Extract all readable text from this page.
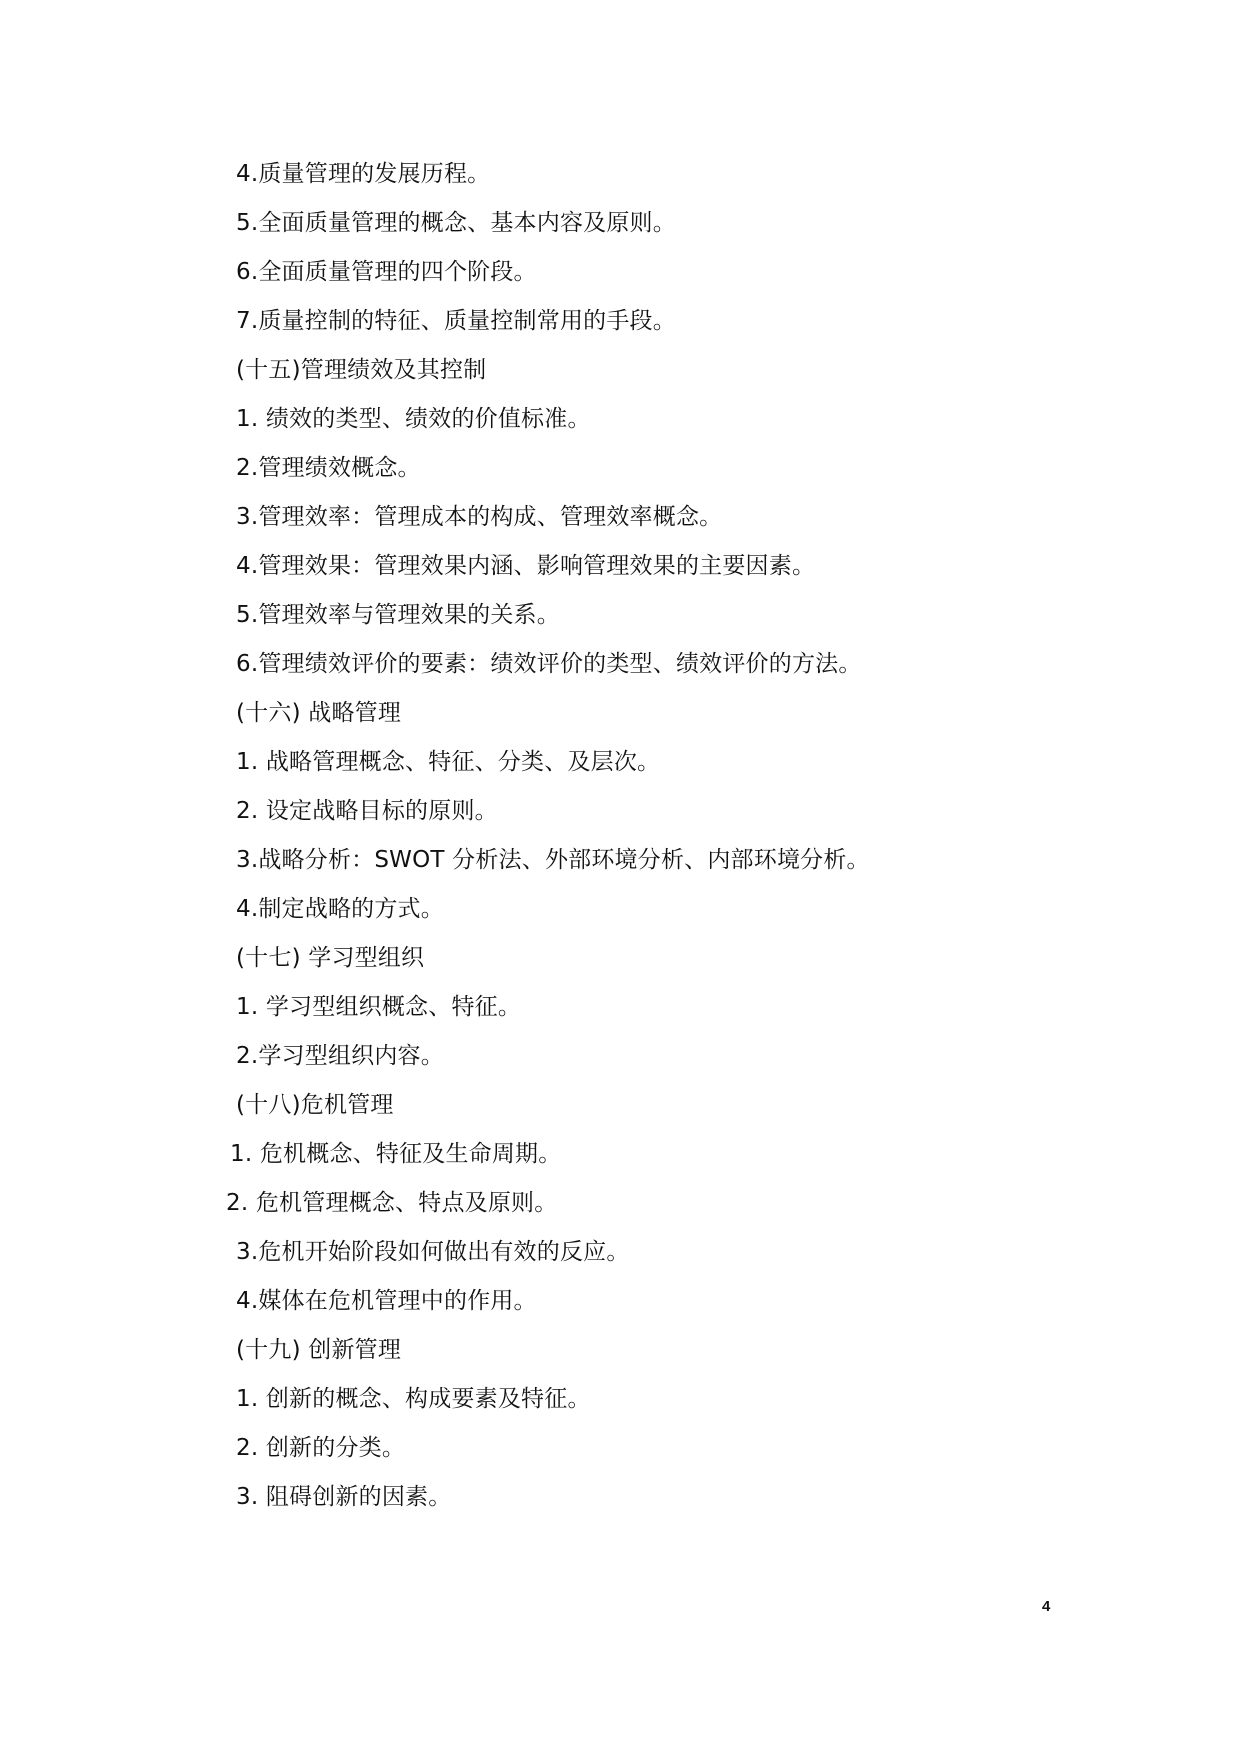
4.质量管理的发展历程。
5.全面质量管理的概念、基本内容及原则。
6.全面质量管理的四个阶段。
7.质量控制的特征、质量控制常用的手段。
(十五)管理绩效及其控制
1. 绩效的类型、绩效的价值标准。
2.管理绩效概念。
3.管理效率：管理成本的构成、管理效率概念。
4.管理效果：管理效果内涵、影响管理效果的主要因素。
5.管理效率与管理效果的关系。
6.管理绩效评价的要素：绩效评价的类型、绩效评价的方法。
(十六) 战略管理
1. 战略管理概念、特征、分类、及层次。
2. 设定战略目标的原则。
3.战略分析：SWOT 分析法、外部环境分析、内部环境分析。
4.制定战略的方式。
(十七) 学习型组织
1. 学习型组织概念、特征。
2.学习型组织内容。
(十八)危机管理
1. 危机概念、特征及生命周期。
2. 危机管理概念、特点及原则。
3.危机开始阶段如何做出有效的反应。
4.媒体在危机管理中的作用。
(十九) 创新管理
1. 创新的概念、构成要素及特征。
2. 创新的分类。
3. 阻碍创新的因素。
4
